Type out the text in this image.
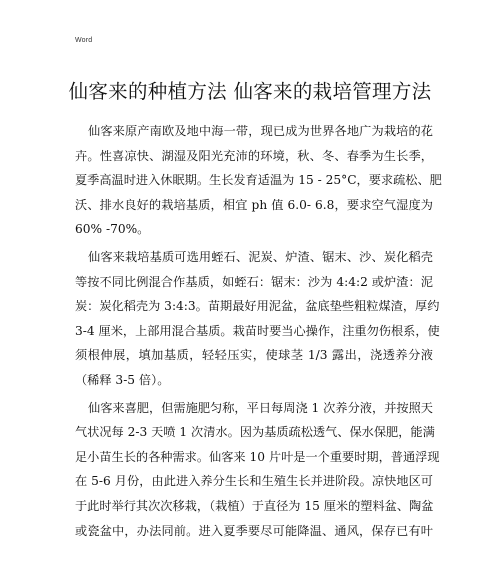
Word
仙客来的种植方法 仙客来的栽培管理方法

仙客来原产南欧及地中海一带，现已成为世界各地广为栽培的花
卉。性喜凉快、湖湿及阳光充沛的环境，秋、冬、春季为生长季，
夏季高温时进入休眠期。生长发育适温为 15 - 25°C，要求疏松、肥
沃、排水良好的栽培基质，相宜 ph 值 6.0- 6.8，要求空气湿度为
60% -70%。

仙客来栽培基质可选用蛭石、泥炭、炉渣、锯末、沙、炭化稻壳
等按不同比例混合作基质，如蛭石：锯末：沙为 4:4:2 或炉渣：泥
炭：炭化稻壳为 3:4:3。苗期最好用泥盆，盆底垫些粗粒煤渣，厚约
3-4 厘米，上部用混合基质。栽苗时要当心操作，注重勿伤根系，使
须根伸展，填加基质，轻轻压实，使球茎 1/3 露出，浇透养分液
（稀释 3-5 倍）。

仙客来喜肥，但需施肥匀称，平日每周浇 1 次养分液，并按照天
气状况每 2-3 天喷 1 次清水。因为基质疏松透气、保水保肥，能满
足小苗生长的各种需求。仙客来 10 片叶是一个重要时期，普通浮现
在 5-6 月份，由此进入养分生长和生殖生长并进阶段。凉快地区可
于此时举行其次次移栽，（栽植）于直径为 15 厘米的塑料盆、陶盆
或瓷盆中，办法同前。进入夏季要尽可能降温、通风，保存已有叶
